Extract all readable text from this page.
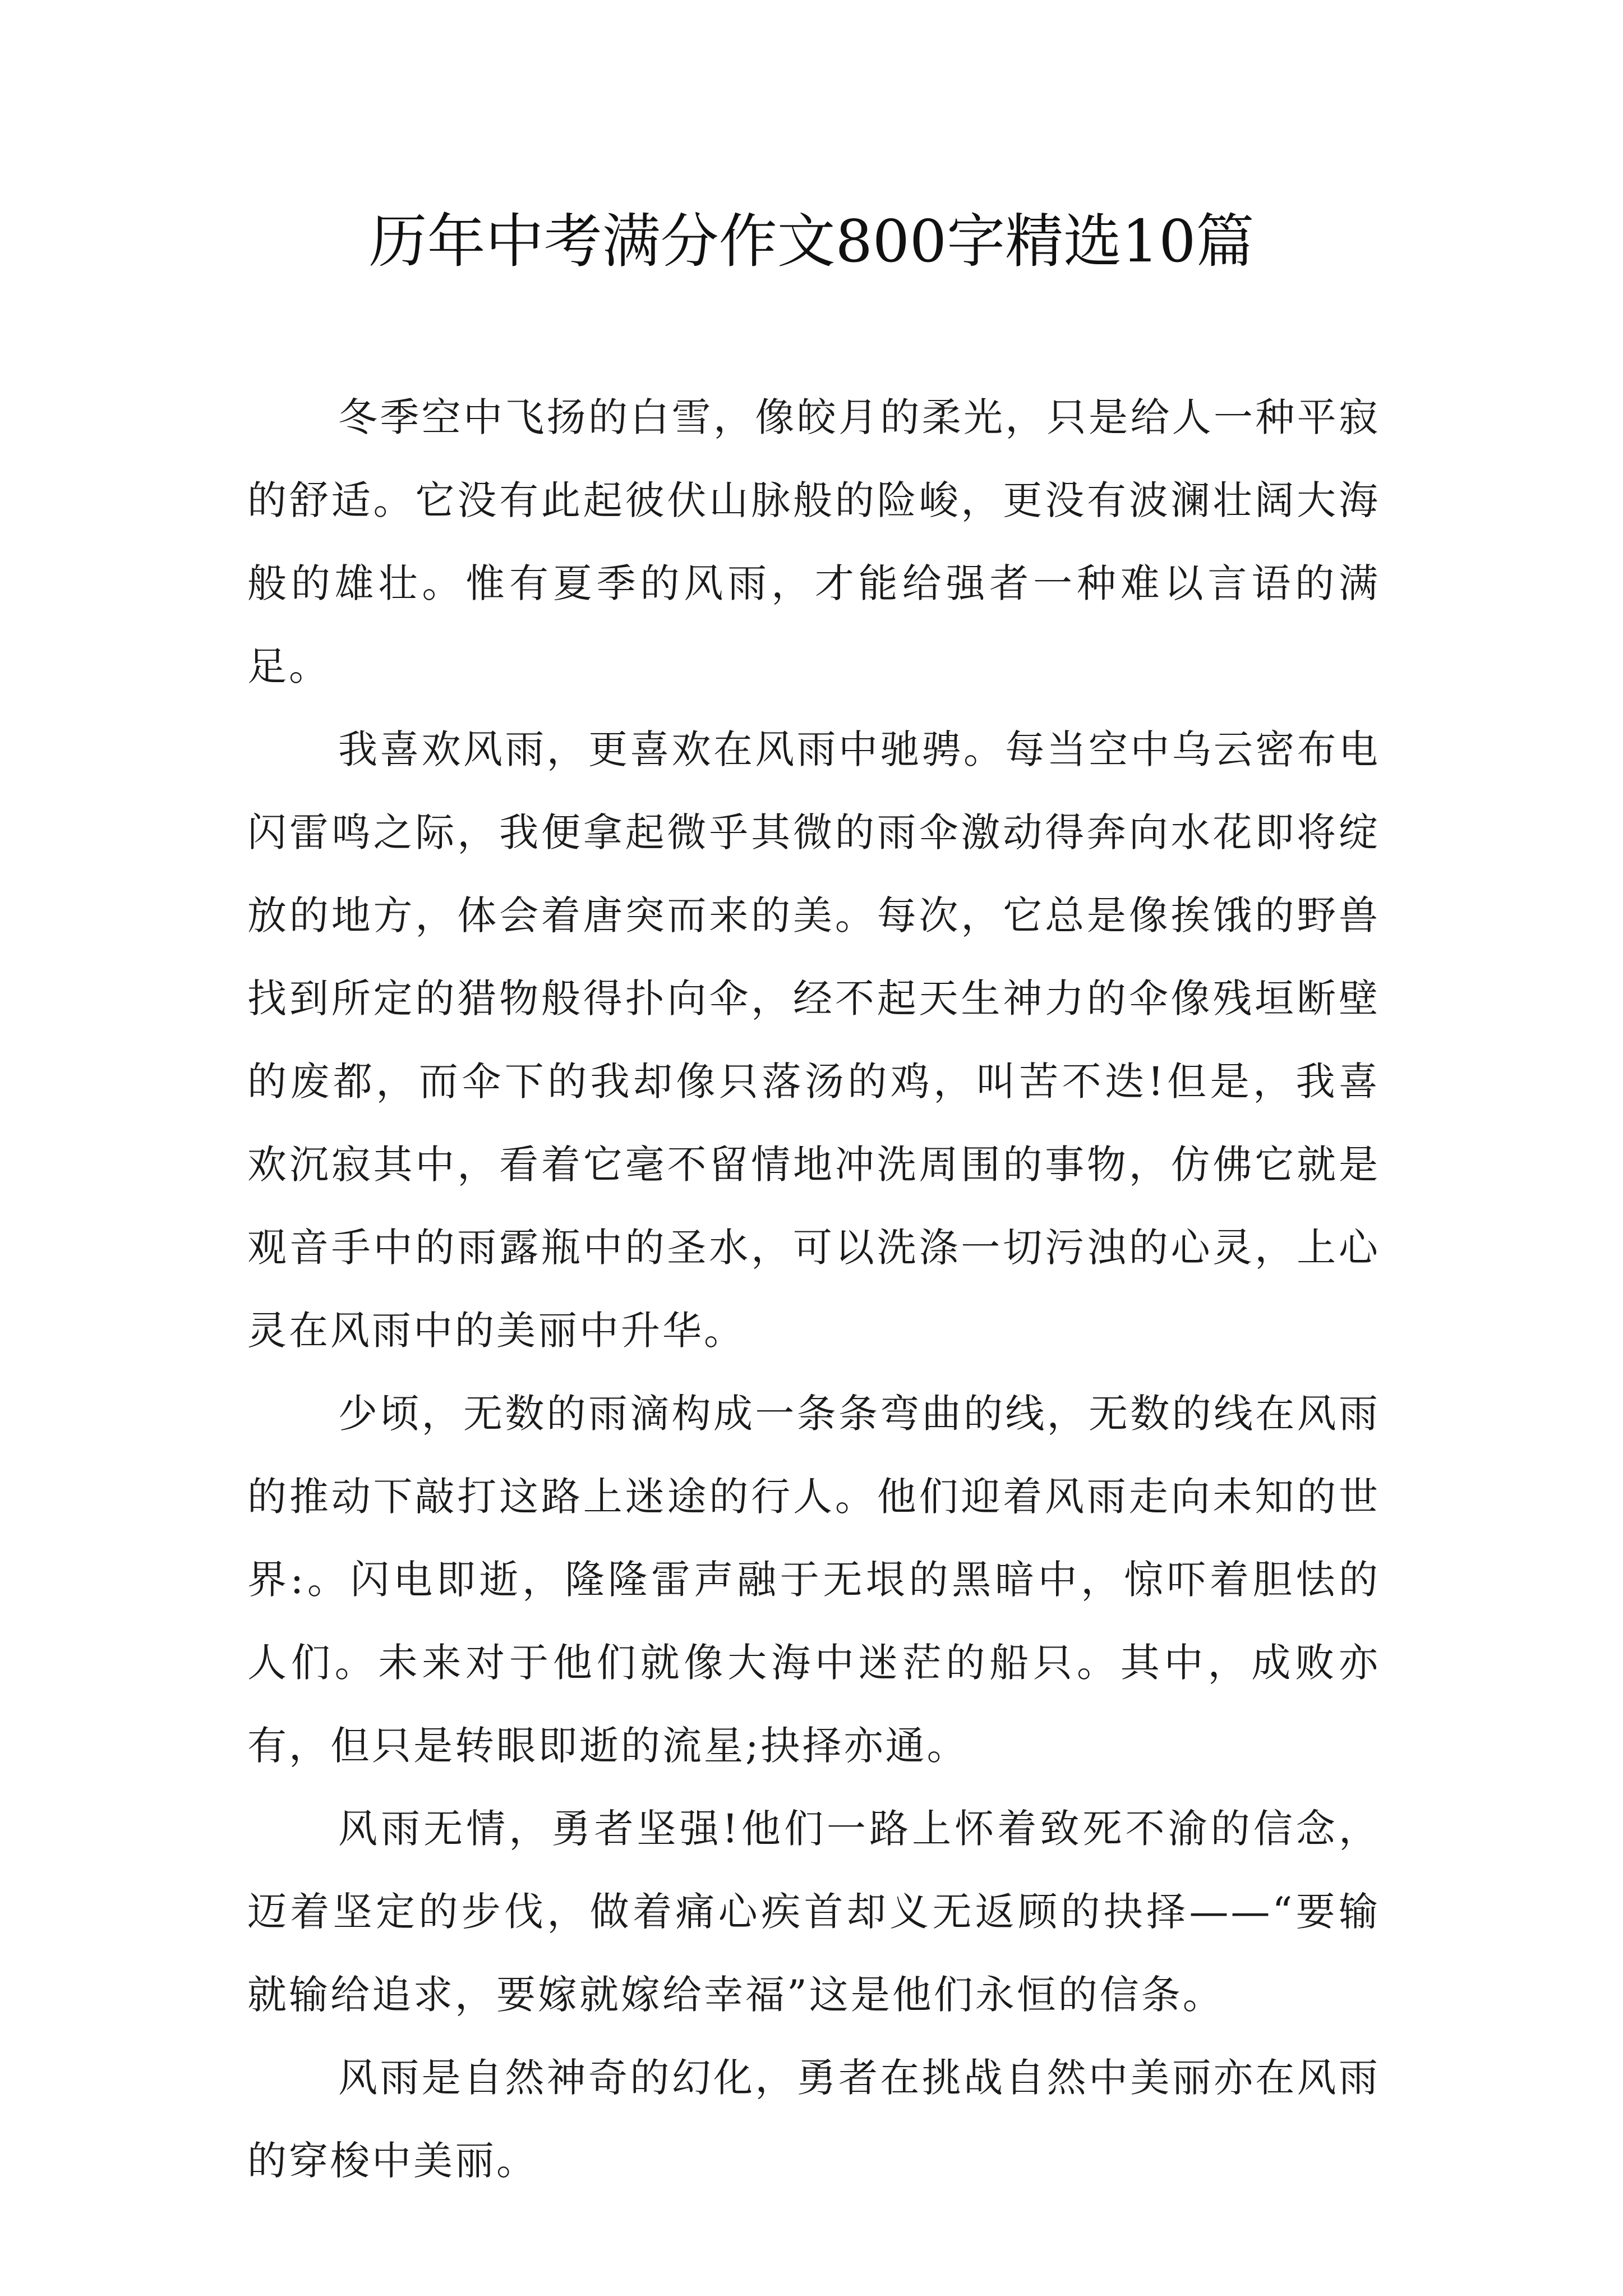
历年中考满分作文800字精选10篇

冬季空中飞扬的白雪，像皎月的柔光，只是给人一种平寂的舒适。它没有此起彼伏山脉般的险峻，更没有波澜壮阔大海般的雄壮。惟有夏季的风雨，才能给强者一种难以言语的满足。

我喜欢风雨，更喜欢在风雨中驰骋。每当空中乌云密布电闪雷鸣之际，我便拿起微乎其微的雨伞激动得奔向水花即将绽放的地方，体会着唐突而来的美。每次，它总是像挨饿的野兽找到所定的猎物般得扑向伞，经不起天生神力的伞像残垣断壁的废都，而伞下的我却像只落汤的鸡，叫苦不迭!但是，我喜欢沉寂其中，看着它毫不留情地冲洗周围的事物，仿佛它就是观音手中的雨露瓶中的圣水，可以洗涤一切污浊的心灵，上心灵在风雨中的美丽中升华。

少顷，无数的雨滴构成一条条弯曲的线，无数的线在风雨的推动下敲打这路上迷途的行人。他们迎着风雨走向未知的世界:。闪电即逝，隆隆雷声融于无垠的黑暗中，惊吓着胆怯的人们。未来对于他们就像大海中迷茫的船只。其中，成败亦有，但只是转眼即逝的流星;抉择亦通。

风雨无情，勇者坚强!他们一路上怀着致死不渝的信念，迈着坚定的步伐，做着痛心疾首却义无返顾的抉择——“要输就输给追求，要嫁就嫁给幸福”这是他们永恒的信条。

风雨是自然神奇的幻化，勇者在挑战自然中美丽亦在风雨的穿梭中美丽。
